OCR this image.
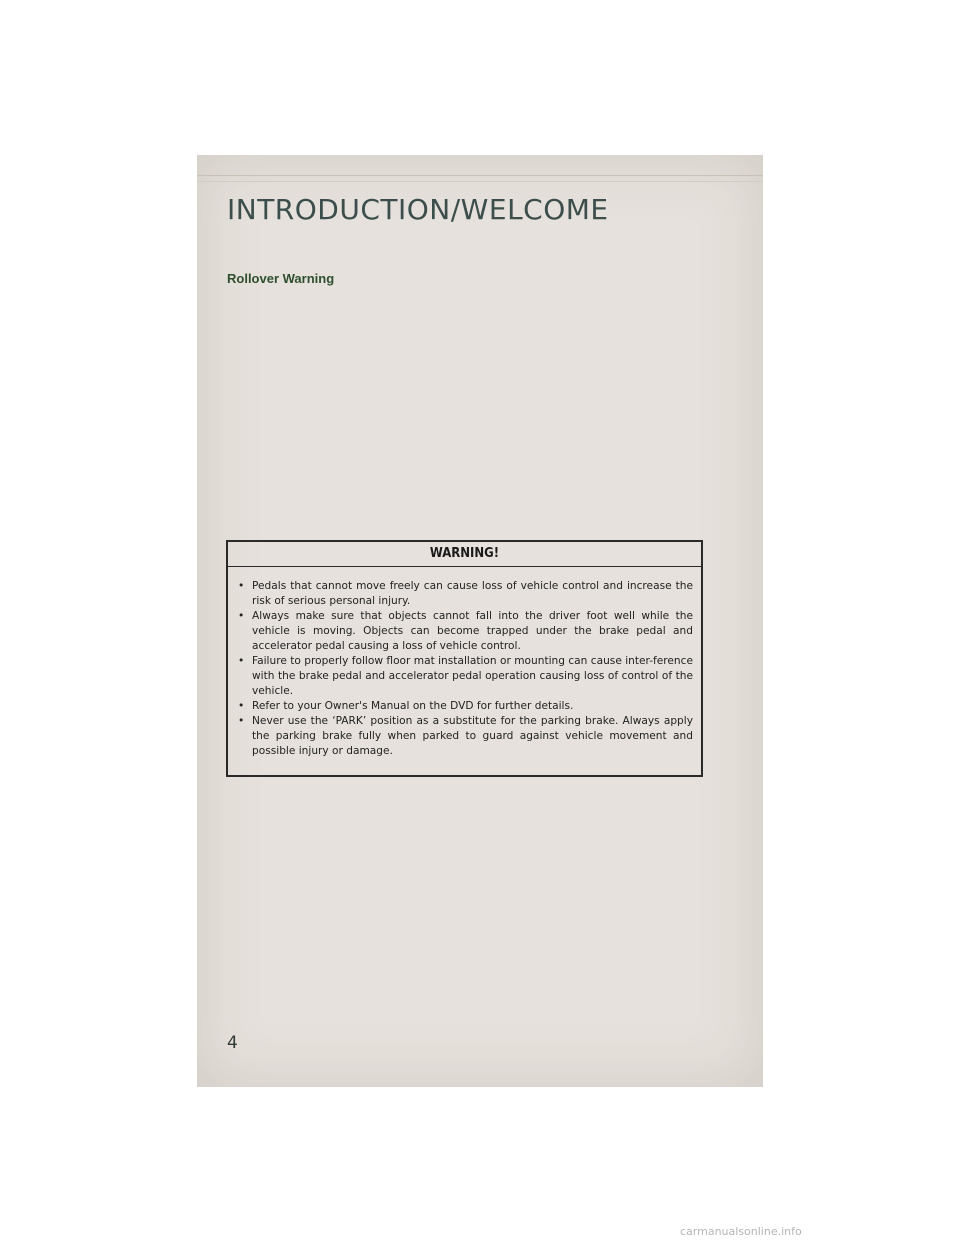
INTRODUCTION/WELCOME
Rollover Warning
WARNING!
• Pedals that cannot move freely can cause loss of vehicle control and increase the risk of serious personal injury.
• Always make sure that objects cannot fall into the driver foot well while the vehicle is moving. Objects can become trapped under the brake pedal and accelerator pedal causing a loss of vehicle control.
• Failure to properly follow floor mat installation or mounting can cause inter-ference with the brake pedal and accelerator pedal operation causing loss of control of the vehicle.
• Refer to your Owner's Manual on the DVD for further details.
• Never use the ‘PARK’ position as a substitute for the parking brake. Always apply the parking brake fully when parked to guard against vehicle movement and possible injury or damage.
4
carmanualsonline.info
